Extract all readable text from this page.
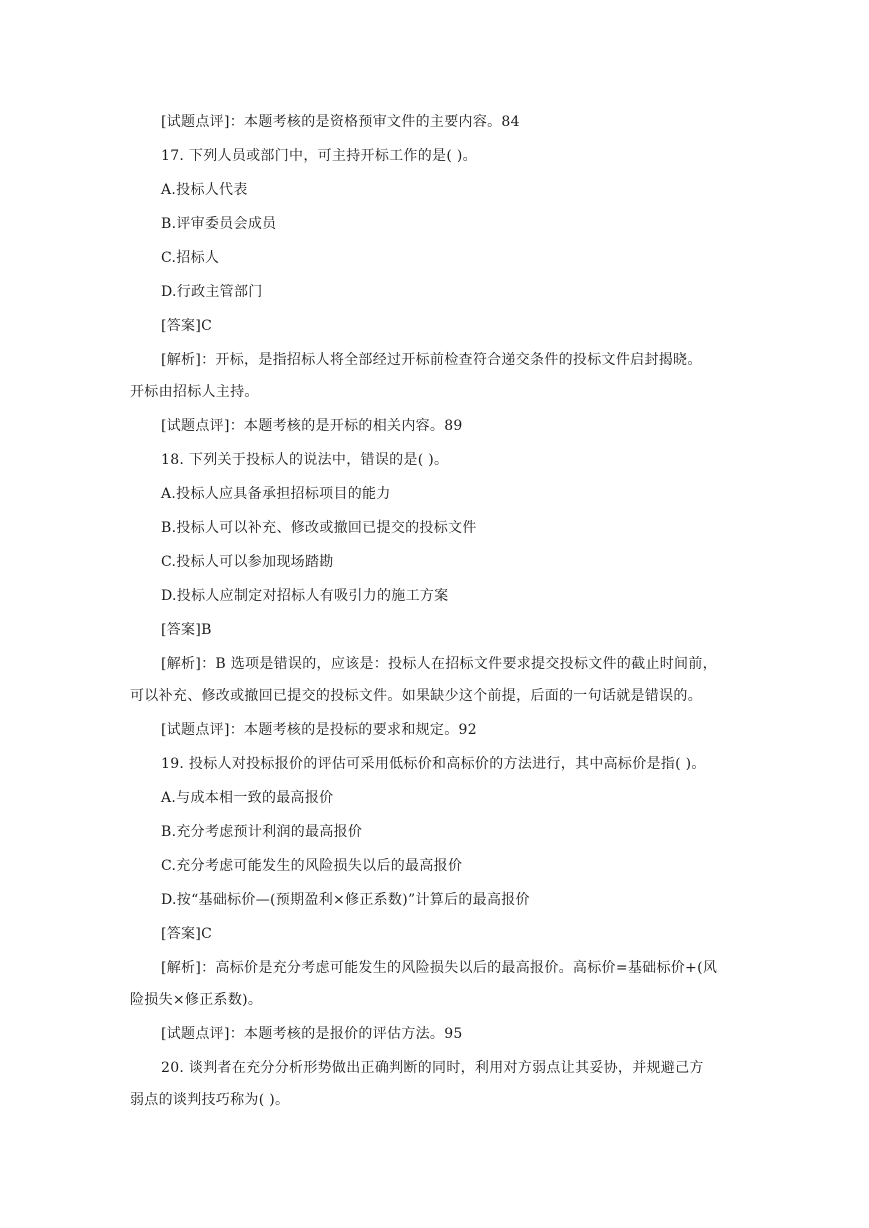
[试题点评]：本题考核的是资格预审文件的主要内容。84

17. 下列人员或部门中，可主持开标工作的是( )。

A.投标人代表

B.评审委员会成员

C.招标人

D.行政主管部门

[答案]C

[解析]：开标，是指招标人将全部经过开标前检查符合递交条件的投标文件启封揭晓。

开标由招标人主持。

[试题点评]：本题考核的是开标的相关内容。89

18. 下列关于投标人的说法中，错误的是( )。

A.投标人应具备承担招标项目的能力

B.投标人可以补充、修改或撤回已提交的投标文件

C.投标人可以参加现场踏勘

D.投标人应制定对招标人有吸引力的施工方案

[答案]B

[解析]：B 选项是错误的，应该是：投标人在招标文件要求提交投标文件的截止时间前，

可以补充、修改或撤回已提交的投标文件。如果缺少这个前提，后面的一句话就是错误的。

[试题点评]：本题考核的是投标的要求和规定。92

19. 投标人对投标报价的评估可采用低标价和高标价的方法进行，其中高标价是指( )。

A.与成本相一致的最高报价

B.充分考虑预计利润的最高报价

C.充分考虑可能发生的风险损失以后的最高报价

D.按“基础标价—(预期盈利×修正系数)”计算后的最高报价

[答案]C

[解析]：高标价是充分考虑可能发生的风险损失以后的最高报价。高标价=基础标价+(风

险损失×修正系数)。

[试题点评]：本题考核的是报价的评估方法。95

20. 谈判者在充分分析形势做出正确判断的同时，利用对方弱点让其妥协，并规避己方

弱点的谈判技巧称为( )。
